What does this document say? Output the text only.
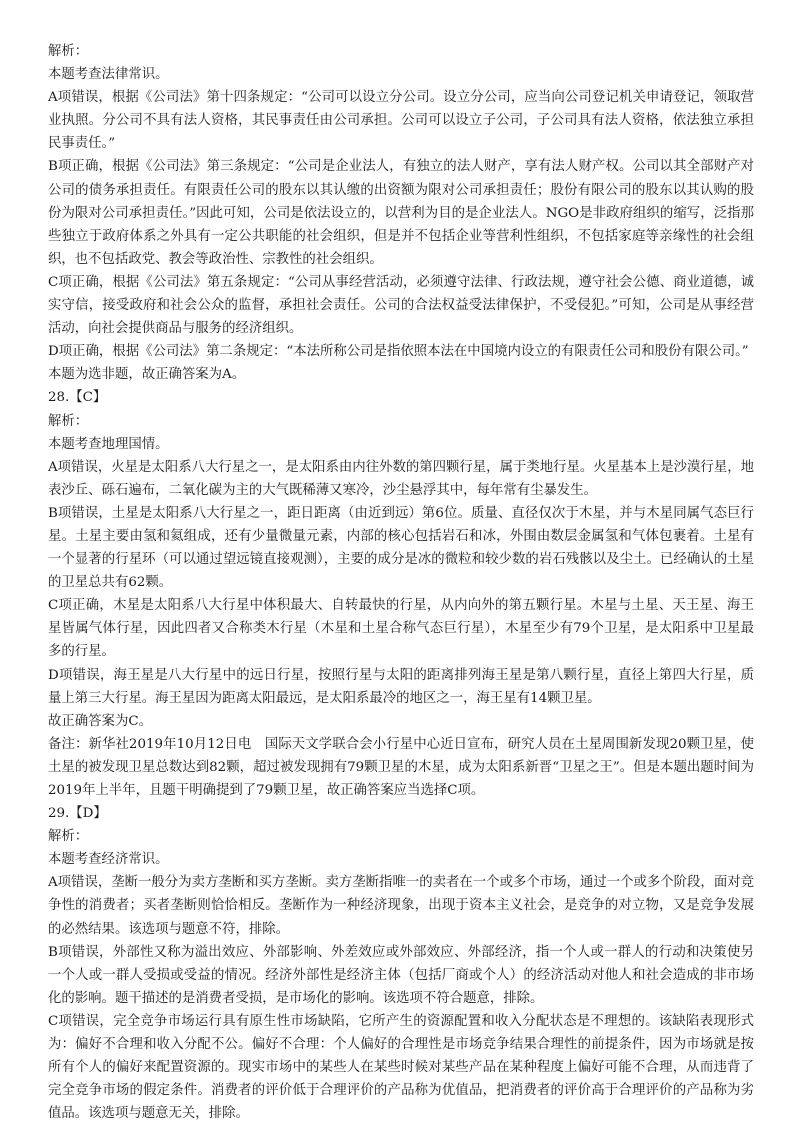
解析：

本题考查法律常识。

A项错误，根据《公司法》第十四条规定：“公司可以设立分公司。设立分公司，应当向公司登记机关申请登记，领取营业执照。分公司不具有法人资格，其民事责任由公司承担。公司可以设立子公司，子公司具有法人资格，依法独立承担民事责任。”

B项正确，根据《公司法》第三条规定：“公司是企业法人，有独立的法人财产，享有法人财产权。公司以其全部财产对公司的债务承担责任。有限责任公司的股东以其认缴的出资额为限对公司承担责任；股份有限公司的股东以其认购的股份为限对公司承担责任。”因此可知，公司是依法设立的，以营利为目的是企业法人。NGO是非政府组织的缩写，泛指那些独立于政府体系之外具有一定公共职能的社会组织，但是并不包括企业等营利性组织，不包括家庭等亲缘性的社会组织，也不包括政党、教会等政治性、宗教性的社会组织。

C项正确，根据《公司法》第五条规定：“公司从事经营活动，必须遵守法律、行政法规，遵守社会公德、商业道德，诚实守信，接受政府和社会公众的监督，承担社会责任。公司的合法权益受法律保护，不受侵犯。”可知，公司是从事经营活动，向社会提供商品与服务的经济组织。

D项正确，根据《公司法》第二条规定：“本法所称公司是指依照本法在中国境内设立的有限责任公司和股份有限公司。”

本题为选非题，故正确答案为A。

28.【C】

解析：

本题考查地理国情。

A项错误，火星是太阳系八大行星之一，是太阳系由内往外数的第四颗行星，属于类地行星。火星基本上是沙漠行星，地表沙丘、砾石遍布，二氧化碳为主的大气既稀薄又寒冷，沙尘悬浮其中，每年常有尘暴发生。

B项错误，土星是太阳系八大行星之一，距日距离（由近到远）第6位。质量、直径仅次于木星，并与木星同属气态巨行星。土星主要由氢和氦组成，还有少量微量元素，内部的核心包括岩石和冰，外围由数层金属氢和气体包裹着。土星有一个显著的行星环（可以通过望远镜直接观测），主要的成分是冰的微粒和较少数的岩石残骸以及尘土。已经确认的土星的卫星总共有62颗。

C项正确，木星是太阳系八大行星中体积最大、自转最快的行星，从内向外的第五颗行星。木星与土星、天王星、海王星皆属气体行星，因此四者又合称类木行星（木星和土星合称气态巨行星），木星至少有79个卫星，是太阳系中卫星最多的行星。

D项错误，海王星是八大行星中的远日行星，按照行星与太阳的距离排列海王星是第八颗行星，直径上第四大行星，质量上第三大行星。海王星因为距离太阳最远，是太阳系最冷的地区之一，海王星有14颗卫星。

故正确答案为C。

备注：新华社2019年10月12日电　国际天文学联合会小行星中心近日宣布，研究人员在土星周围新发现20颗卫星，使土星的被发现卫星总数达到82颗，超过被发现拥有79颗卫星的木星，成为太阳系新晋“卫星之王”。但是本题出题时间为2019年上半年，且题干明确提到了79颗卫星，故正确答案应当选择C项。

29.【D】

解析：

本题考查经济常识。

A项错误，垄断一般分为卖方垄断和买方垄断。卖方垄断指唯一的卖者在一个或多个市场，通过一个或多个阶段，面对竞争性的消费者；买者垄断则恰恰相反。垄断作为一种经济现象，出现于资本主义社会，是竞争的对立物，又是竞争发展的必然结果。该选项与题意不符，排除。

B项错误，外部性又称为溢出效应、外部影响、外差效应或外部效应、外部经济，指一个人或一群人的行动和决策使另一个人或一群人受损或受益的情况。经济外部性是经济主体（包括厂商或个人）的经济活动对他人和社会造成的非市场化的影响。题干描述的是消费者受损，是市场化的影响。该选项不符合题意，排除。

C项错误，完全竞争市场运行具有原生性市场缺陷，它所产生的资源配置和收入分配状态是不理想的。该缺陷表现形式为：偏好不合理和收入分配不公。偏好不合理：个人偏好的合理性是市场竞争结果合理性的前提条件，因为市场就是按所有个人的偏好来配置资源的。现实市场中的某些人在某些时候对某些产品在某种程度上偏好可能不合理，从而违背了完全竞争市场的假定条件。消费者的评价低于合理评价的产品称为优值品，把消费者的评价高于合理评价的产品称为劣值品。该选项与题意无关，排除。
